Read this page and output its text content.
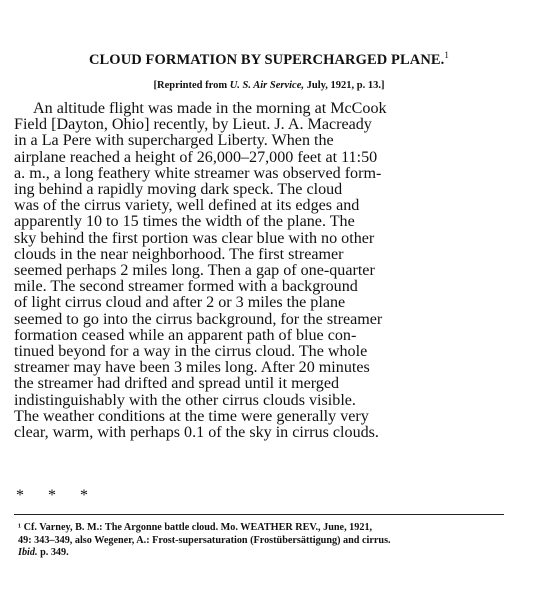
CLOUD FORMATION BY SUPERCHARGED PLANE.$^1$
[Reprinted from U. S. Air Service, July, 1921, p. 13.]
An altitude flight was made in the morning at McCook
Field [Dayton, Ohio] recently, by Lieut. J. A. Macready
in a La Pere with supercharged Liberty. When the
airplane reached a height of 26,000–27,000 feet at 11:50
a. m., a long feathery white streamer was observed form-
ing behind a rapidly moving dark speck. The cloud
was of the cirrus variety, well defined at its edges and
apparently 10 to 15 times the width of the plane. The
sky behind the first portion was clear blue with no other
clouds in the near neighborhood. The first streamer
seemed perhaps 2 miles long. Then a gap of one-quarter
mile. The second streamer formed with a background
of light cirrus cloud and after 2 or 3 miles the plane
seemed to go into the cirrus background, for the streamer
formation ceased while an apparent path of blue con-
tinued beyond for a way in the cirrus cloud. The whole
streamer may have been 3 miles long. After 20 minutes
the streamer had drifted and spread until it merged
indistinguishably with the other cirrus clouds visible.
The weather conditions at the time were generally very
clear, warm, with perhaps 0.1 of the sky in cirrus clouds.
* * *
¹ Cf. Varney, B. M.: The Argonne battle cloud. Mo. WEATHER REV., June, 1921,
49: 343–349, also Wegener, A.: Frost-supersaturation (Frostübersättigung) and cirrus.
Ibid. p. 349.
